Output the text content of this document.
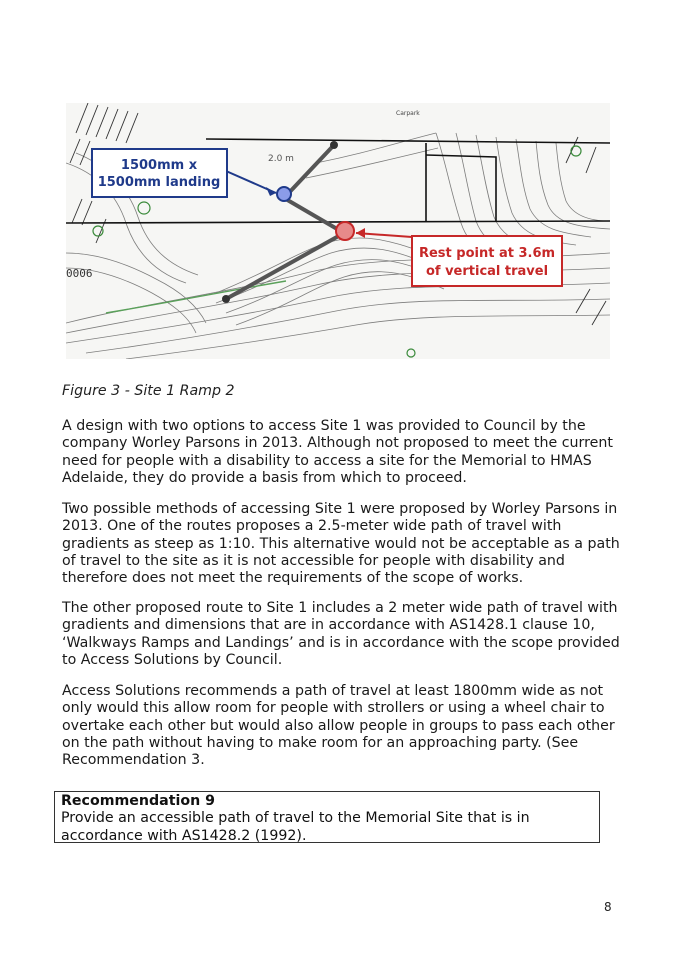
2.0 m
0006
Carpark
1500mm x
1500mm landing
Rest point at 3.6m
of vertical travel
Figure 3 - Site 1 Ramp 2

A design with two options to access Site 1 was provided to Council by the company Worley Parsons in 2013. Although not proposed to meet the current need for people with a disability to access a site for the Memorial to HMAS Adelaide, they do provide a basis from which to proceed.

Two possible methods of accessing Site 1 were proposed by Worley Parsons in 2013. One of the routes proposes a 2.5-meter wide path of travel with gradients as steep as 1:10. This alternative would not be acceptable as a path of travel to the site as it is not accessible for people with disability and therefore does not meet the requirements of the scope of works.

The other proposed route to Site 1 includes a 2 meter wide path of travel with gradients and dimensions that are in accordance with AS1428.1 clause 10, ‘Walkways Ramps and Landings’ and is in accordance with the scope provided to Access Solutions by Council.

Access Solutions recommends a path of travel at least 1800mm wide as not only would this allow room for people with strollers or using a wheel chair to overtake each other but would also allow people in groups to pass each other on the path without having to make room for an approaching party. (See Recommendation 3.

Recommendation 9
Provide an accessible path of travel to the Memorial Site that is in accordance with AS1428.2 (1992).
8
